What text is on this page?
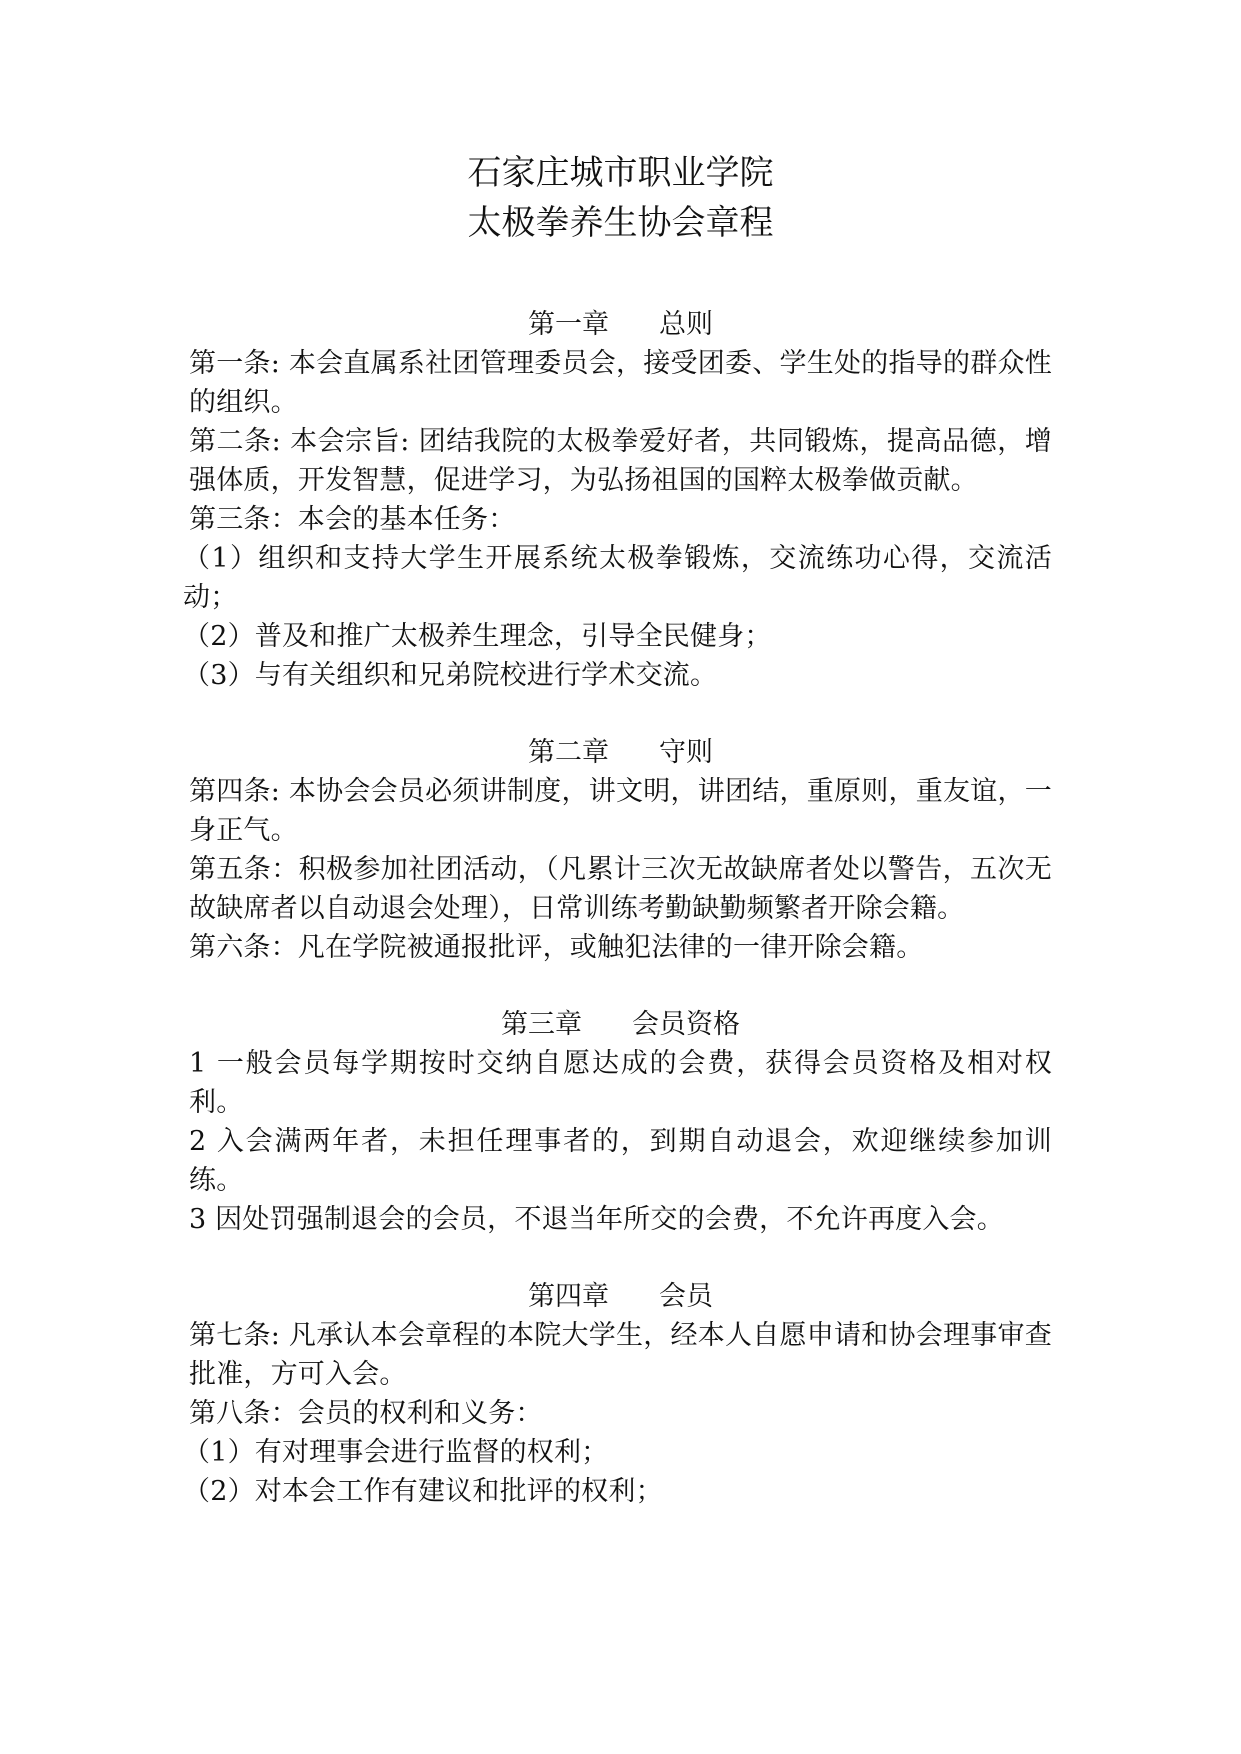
石家庄城市职业学院
太极拳养生协会章程
第一章 总则

第一条: 本会直属系社团管理委员会，接受团委、学生处的指导的群众性的组织。

第二条: 本会宗旨: 团结我院的太极拳爱好者，共同锻炼，提高品德，增强体质，开发智慧，促进学习，为弘扬祖国的国粹太极拳做贡献。

第三条：本会的基本任务：

（1）组织和支持大学生开展系统太极拳锻炼，交流练功心得，交流活动；

（2）普及和推广太极养生理念，引导全民健身；

（3）与有关组织和兄弟院校进行学术交流。

第二章 守则

第四条: 本协会会员必须讲制度，讲文明，讲团结，重原则，重友谊，一身正气。

第五条：积极参加社团活动，（凡累计三次无故缺席者处以警告，五次无故缺席者以自动退会处理），日常训练考勤缺勤频繁者开除会籍。

第六条：凡在学院被通报批评，或触犯法律的一律开除会籍。

第三章 会员资格

1 一般会员每学期按时交纳自愿达成的会费，获得会员资格及相对权利。

2 入会满两年者，未担任理事者的，到期自动退会，欢迎继续参加训练。

3 因处罚强制退会的会员，不退当年所交的会费，不允许再度入会。

第四章 会员

第七条: 凡承认本会章程的本院大学生，经本人自愿申请和协会理事审查批准，方可入会。

第八条：会员的权利和义务：

（1）有对理事会进行监督的权利；

（2）对本会工作有建议和批评的权利；
